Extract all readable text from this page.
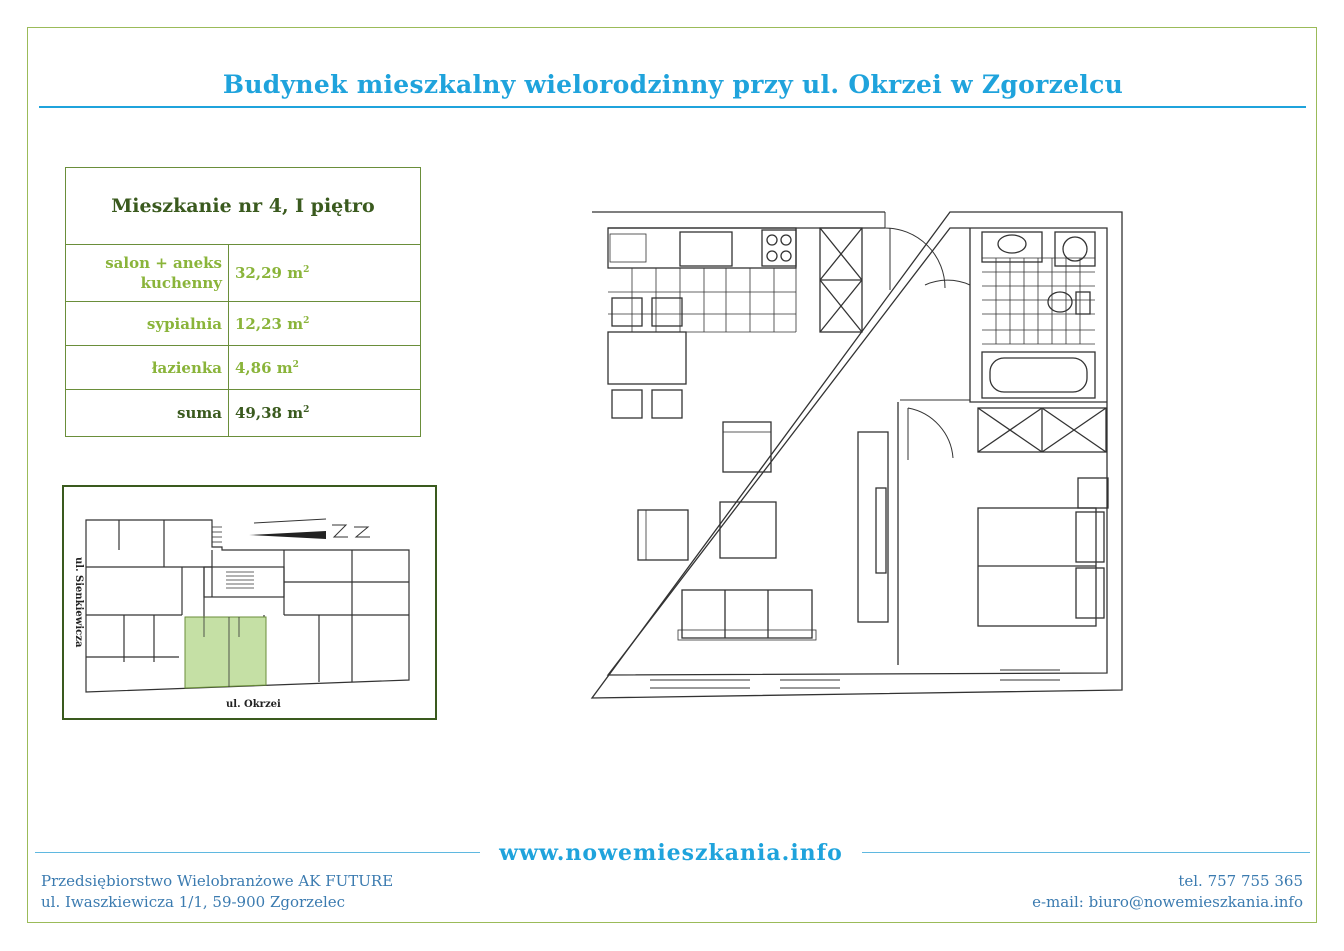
Budynek mieszkalny wielorodzinny przy ul. Okrzei w Zgorzelcu
Mieszkanie nr 4, I piętro	
salon + aneks kuchenny	32,29 $m^2$
sypialnia	12,23 $m^2$
łazienka	4,86 $m^2$
suma	49,38 $m^2$
ul. Sienkiewicza
ul. Okrzei
www.nowemieszkania.info
Przedsiębiorstwo Wielobranżowe AK FUTURE
ul. Iwaszkiewicza 1/1, 59-900 Zgorzelec
tel. 757 755 365
e-mail: biuro@nowemieszkania.info
